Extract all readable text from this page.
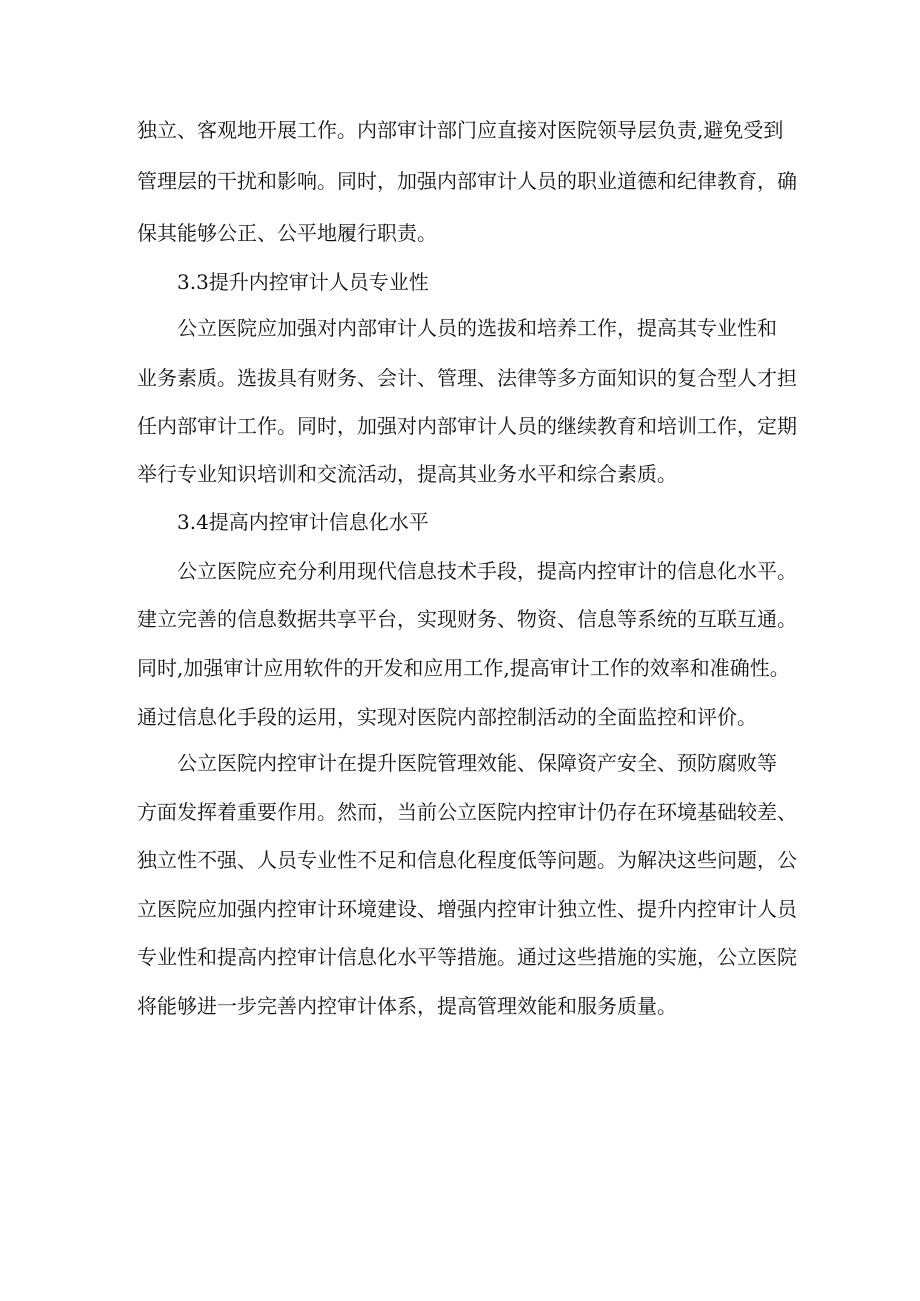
独立、客观地开展工作。内部审计部门应直接对医院领导层负责,避免受到
管理层的干扰和影响。同时，加强内部审计人员的职业道德和纪律教育，确
保其能够公正、公平地履行职责。
3.3提升内控审计人员专业性
公立医院应加强对内部审计人员的选拔和培养工作，提高其专业性和
业务素质。选拔具有财务、会计、管理、法律等多方面知识的复合型人才担
任内部审计工作。同时，加强对内部审计人员的继续教育和培训工作，定期
举行专业知识培训和交流活动，提高其业务水平和综合素质。
3.4提高内控审计信息化水平
公立医院应充分利用现代信息技术手段，提高内控审计的信息化水平。
建立完善的信息数据共享平台，实现财务、物资、信息等系统的互联互通。
同时,加强审计应用软件的开发和应用工作,提高审计工作的效率和准确性。
通过信息化手段的运用，实现对医院内部控制活动的全面监控和评价。
公立医院内控审计在提升医院管理效能、保障资产安全、预防腐败等
方面发挥着重要作用。然而，当前公立医院内控审计仍存在环境基础较差、
独立性不强、人员专业性不足和信息化程度低等问题。为解决这些问题，公
立医院应加强内控审计环境建设、增强内控审计独立性、提升内控审计人员
专业性和提高内控审计信息化水平等措施。通过这些措施的实施，公立医院
将能够进一步完善内控审计体系，提高管理效能和服务质量。
